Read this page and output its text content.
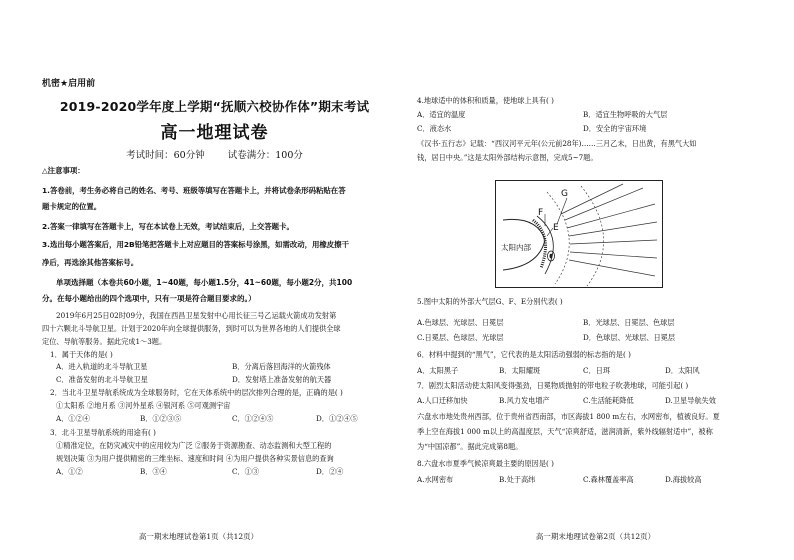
机密★启用前
2019-2020学年度上学期“抚顺六校协作体”期末考试
高一地理试卷
考试时间：60分钟 试卷满分：100分
△注意事项：
1.答卷前，考生务必将自己的姓名、考号、班级等填写在答题卡上，并将试卷条形码粘贴在答
题卡规定的位置。
2.答案一律填写在答题卡上，写在本试卷上无效，考试结束后，上交答题卡。
3.选出每小题答案后，用2B铅笔把答题卡上对应题目的答案标号涂黑，如需改动，用橡皮擦干
净后，再选涂其他答案标号。
单项选择题（本卷共60小题，1~40题，每小题1.5分，41~60题，每小题2分，共100
分。在每小题给出的四个选项中，只有一项是符合题目要求的。）
2019年6月25日02时09分，我国在西昌卫星发射中心用长征三号乙运载火箭成功发射第
四十六颗北斗导航卫星。计划于2020年向全球提供服务，到时可以为世界各地的人们提供全球
定位、导航等服务。据此完成1～3题。
1．属于天体的是( )
A．进入轨道的北斗导航卫星	B．分离后落回海洋的火箭残体
C．准备发射的北斗导航卫星	D．发射塔上准备发射的航天器
2．当北斗卫星导航系统成为全球服务时，它在天体系统中的层次排列合理的是，正确的是( )
①太阳系 ②地月系 ③河外星系 ④银河系 ⑤可观测宇宙
A．①②④	B．①②③⑤	C．①②④⑤	D．①②④⑤
3．北斗卫星导航系统的用途有( )
①精准定位，在防灾减灾中的应用较为广泛 ②服务于资源勘查、动态监测和大型工程的
规划决策 ③为用户提供精密的三维坐标、速度和时间 ④为用户提供各种实景信息的查询
A．①②	B．③④	C．①③	D．②④
高一期末地理试卷第1页（共12页）
4.地球适中的体积和质量，使地球上具有( )
A．适宜的温度	B．适宜生物呼吸的大气层
C．液态水	D．安全的宇宙环境
《汉书·五行志》记载：“西汉河平元年(公元前28年)……三月乙未，日出黄，有黑气大如
钱，居日中央。”这是太阳外部结构示意图，完成5~7题。
5.图中太阳的外部大气层G、F、E分别代表( )
A.色球层、光球层、日冕层	B．光球层、日冕层、色球层
C.日冕层、色球层、光球层	D．色球层、光球层、日冕层
6．材料中提到的“黑气”，它代表的是太阳活动强弱的标志指的是( )
A．太阳黑子	B．太阳耀斑	C．日珥	D．太阳风
7．剧烈太阳活动使太阳风变得强劲，日冕物质抛射的带电粒子吹袭地球，可能引起( )
A.人口迁移加快	B.风力发电增产	C.生活能耗降低	D.卫星导航失效
六盘水市地处贵州西部，位于贵州省西南部，市区海拔1 800 m左右，水网密布，植被良好。夏
季上空在海拔1 000 m以上的高温度层，天气“凉爽舒适，滋润清新，紫外线辐射适中”，被称
为“中国凉都”。据此完成第8题。
8.六盘水市夏季气候凉爽最主要的原因是( )
A.水网密布	B.处于高纬	C.森林覆盖率高	D.海拔较高
高一期末地理试卷第2页（共12页）
G
F
E
太阳内部
